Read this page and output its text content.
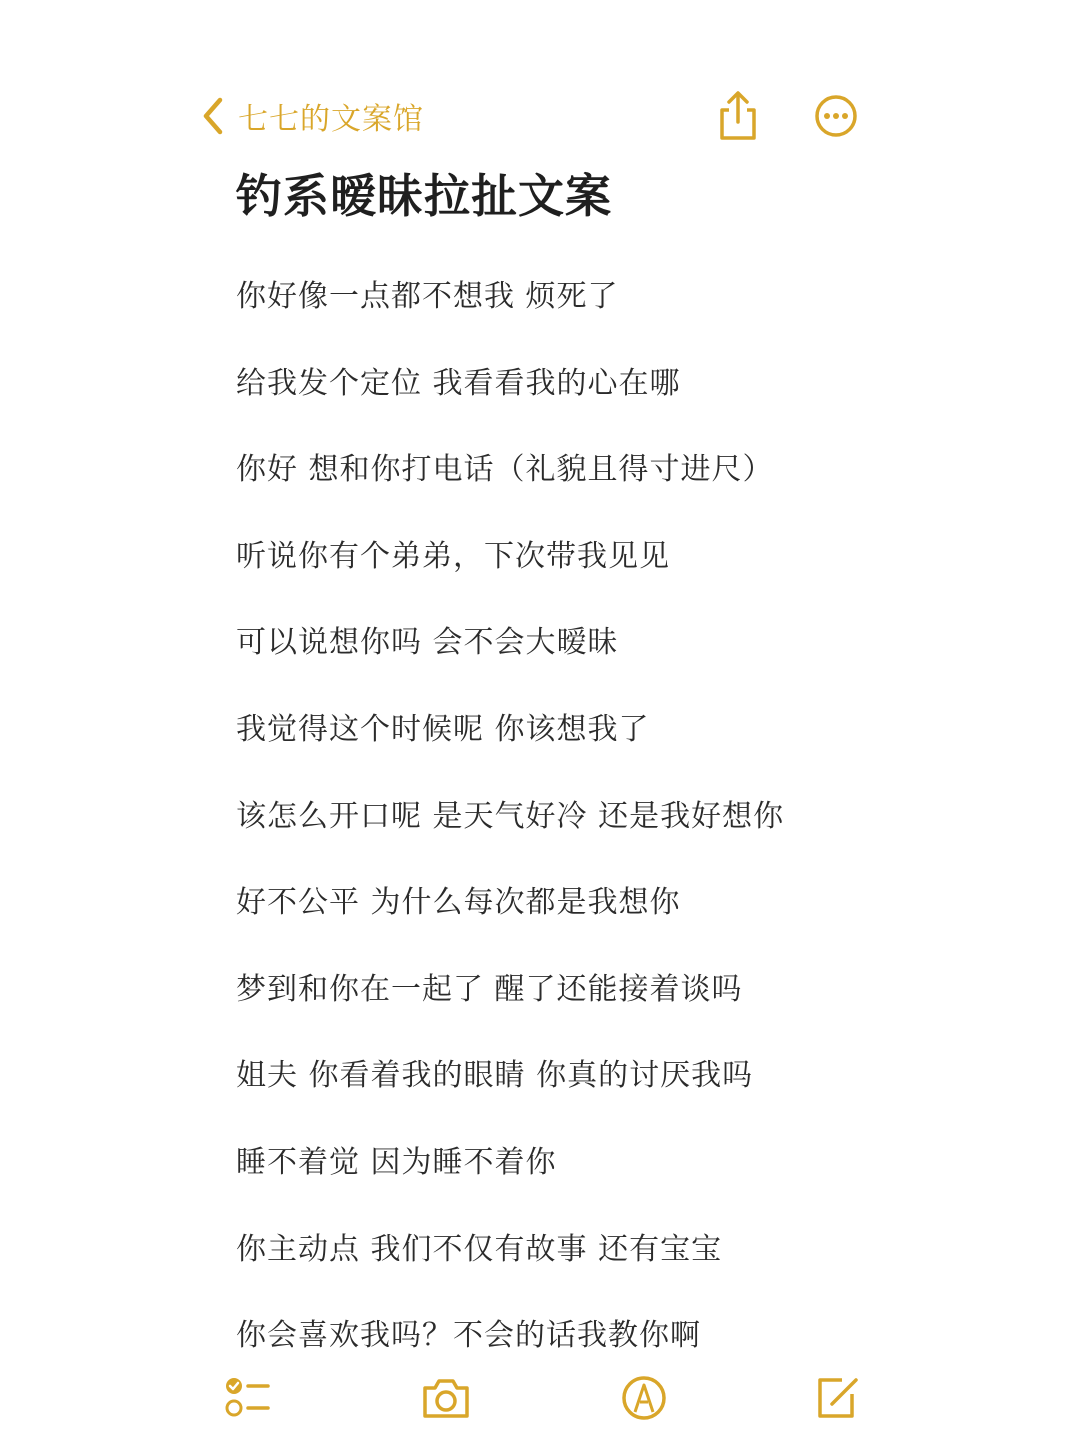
七七的文案馆
钓系暧昧拉扯文案
你好像一点都不想我 烦死了
给我发个定位 我看看我的心在哪
你好 想和你打电话（礼貌且得寸进尺）
听说你有个弟弟，下次带我见见
可以说想你吗 会不会大暧昧
我觉得这个时候呢 你该想我了
该怎么开口呢 是天气好冷 还是我好想你
好不公平 为什么每次都是我想你
梦到和你在一起了 醒了还能接着谈吗
姐夫 你看着我的眼睛 你真的讨厌我吗
睡不着觉 因为睡不着你
你主动点 我们不仅有故事 还有宝宝
你会喜欢我吗？不会的话我教你啊
